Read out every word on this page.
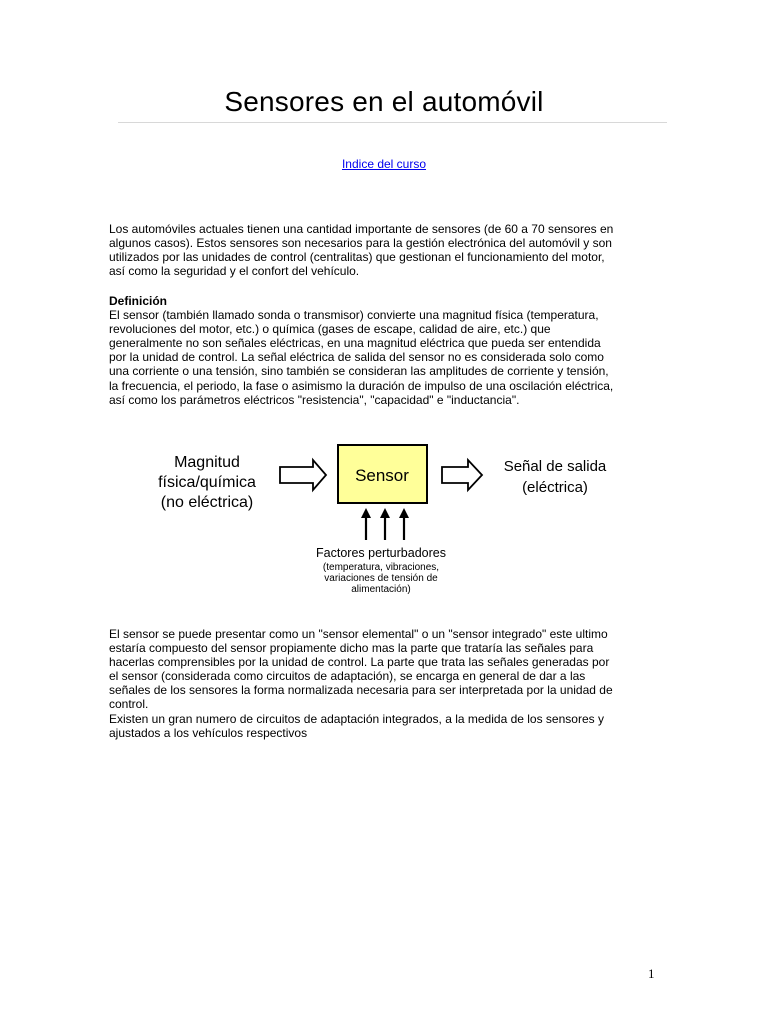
Sensores en el automóvil
Indice del curso

Los automóviles actuales tienen una cantidad importante de sensores (de 60 a 70 sensores en
algunos casos). Estos sensores son necesarios para la gestión electrónica del automóvil y son
utilizados por las unidades de control (centralitas) que gestionan el funcionamiento del motor,
así como la seguridad y el confort del vehículo.

Definición
El sensor (también llamado sonda o transmisor) convierte una magnitud física (temperatura,
revoluciones del motor, etc.) o química (gases de escape, calidad de aire, etc.) que
generalmente no son señales eléctricas, en una magnitud eléctrica que pueda ser entendida
por la unidad de control. La señal eléctrica de salida del sensor no es considerada solo como
una corriente o una tensión, sino también se consideran las amplitudes de corriente y tensión,
la frecuencia, el periodo, la fase o asimismo la duración de impulso de una oscilación eléctrica,
así como los parámetros eléctricos "resistencia", "capacidad" e "inductancia".

Magnitud
física/química
(no eléctrica)
Sensor	Señal de salida
(eléctrica)
Factores perturbadores
(temperatura, vibraciones,
variaciones de tensión de
alimentación)

El sensor se puede presentar como un "sensor elemental" o un "sensor integrado" este ultimo
estaría compuesto del sensor propiamente dicho mas la parte que trataría las señales para
hacerlas comprensibles por la unidad de control. La parte que trata las señales generadas por
el sensor (considerada como circuitos de adaptación), se encarga en general de dar a las
señales de los sensores la forma normalizada necesaria para ser interpretada por la unidad de
control.
Existen un gran numero de circuitos de adaptación integrados, a la medida de los sensores y
ajustados a los vehículos respectivos

1
